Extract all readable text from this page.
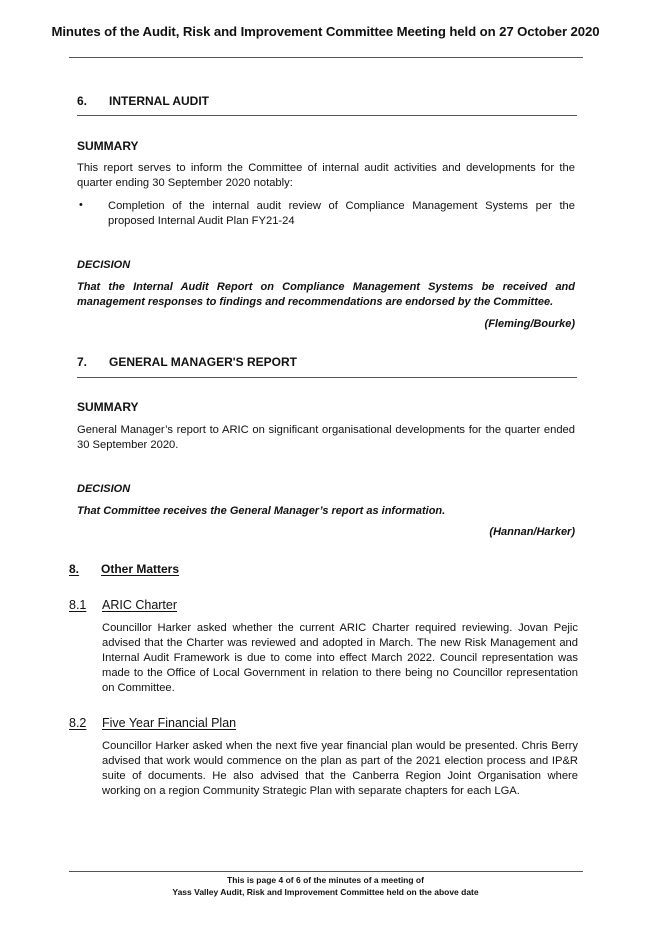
Minutes of the Audit, Risk and Improvement Committee Meeting held on 27 October 2020
6. INTERNAL AUDIT
SUMMARY
This report serves to inform the Committee of internal audit activities and developments for the quarter ending 30 September 2020 notably:
• Completion of the internal audit review of Compliance Management Systems per the proposed Internal Audit Plan FY21-24
DECISION
That the Internal Audit Report on Compliance Management Systems be received and management responses to findings and recommendations are endorsed by the Committee.
(Fleming/Bourke)
7. GENERAL MANAGER'S REPORT
SUMMARY
General Manager’s report to ARIC on significant organisational developments for the quarter ended 30 September 2020.
DECISION
That Committee receives the General Manager’s report as information.
(Hannan/Harker)
8. Other Matters
8.1 ARIC Charter
Councillor Harker asked whether the current ARIC Charter required reviewing. Jovan Pejic advised that the Charter was reviewed and adopted in March. The new Risk Management and Internal Audit Framework is due to come into effect March 2022. Council representation was made to the Office of Local Government in relation to there being no Councillor representation on Committee.
8.2 Five Year Financial Plan
Councillor Harker asked when the next five year financial plan would be presented. Chris Berry advised that work would commence on the plan as part of the 2021 election process and IP&R suite of documents. He also advised that the Canberra Region Joint Organisation where working on a region Community Strategic Plan with separate chapters for each LGA.
This is page 4 of 6 of the minutes of a meeting of
Yass Valley Audit, Risk and Improvement Committee held on the above date
